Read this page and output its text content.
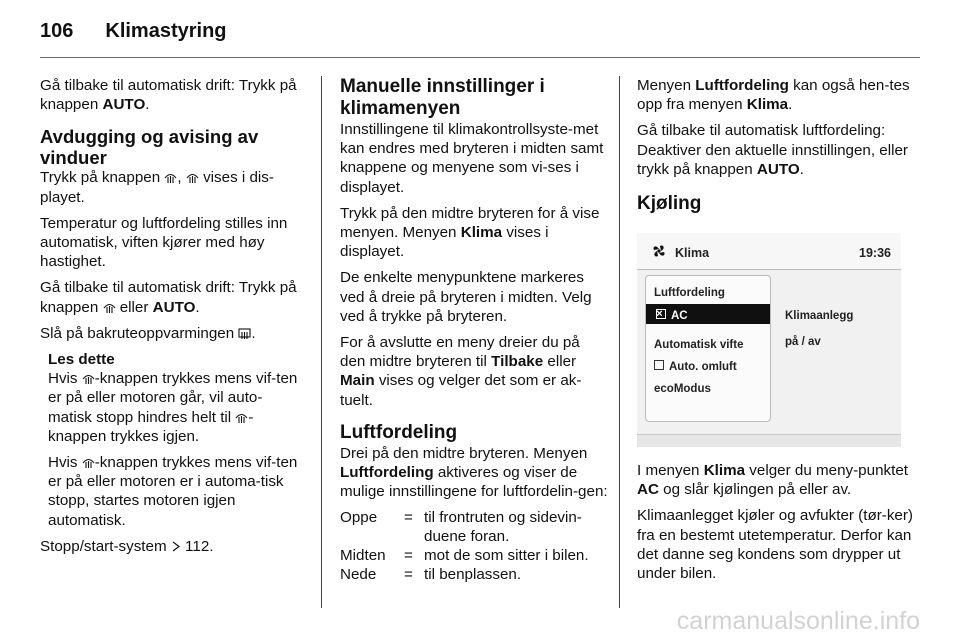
106 Klimastyring

Gå tilbake til automatisk drift: Trykk på knappen AUTO.

Avdugging og avising av vinduer

Trykk på knappen
,
vises i dis-playet.

Temperatur og luftfordeling stilles inn automatisk, viften kjører med høy hastighet.

Gå tilbake til automatisk drift: Trykk på knappen
eller AUTO.

Slå på bakruteoppvarmingen
.

Les dette

Hvis
-knappen trykkes mens vif-ten er på eller motoren går, vil auto-matisk stopp hindres helt til
-knappen trykkes igjen.

Hvis
-knappen trykkes mens vif-ten er på eller motoren er i automa-tisk stopp, startes motoren igjen automatisk.

Stopp/start-system  112.

Manuelle innstillinger i klimamenyen

Innstillingene til klimakontrollsyste-met kan endres med bryteren i midten samt knappene og menyene som vi-ses i displayet.

Trykk på den midtre bryteren for å vise menyen. Menyen Klima vises i displayet.

De enkelte menypunktene markeres ved å dreie på bryteren i midten. Velg ved å trykke på bryteren.

For å avslutte en meny dreier du på den midtre bryteren til Tilbake eller Main vises og velger det som er ak-tuelt.

Luftfordeling

Drei på den midtre bryteren. Menyen Luftfordeling aktiveres og viser de mulige innstillingene for luftfordelin-gen:

Oppe	= til frontruten og sidevin-duene foran.
Midten	= mot de som sitter i bilen.
Nede	= til benplassen.

Menyen Luftfordeling kan også hen-tes opp fra menyen Klima.

Gå tilbake til automatisk luftfordeling: Deaktiver den aktuelle innstillingen, eller trykk på knappen AUTO.

Kjøling
Klima	19:36
Luftfordeling
×AC
Automatisk vifte
Auto. omluft
ecoModus
Klimaanlegg
på / av

I menyen Klima velger du meny-punktet AC og slår kjølingen på eller av.

Klimaanlegget kjøler og avfukter (tør-ker) fra en bestemt utetemperatur. Derfor kan det danne seg kondens som drypper ut under bilen.

carmanualsonline.info
